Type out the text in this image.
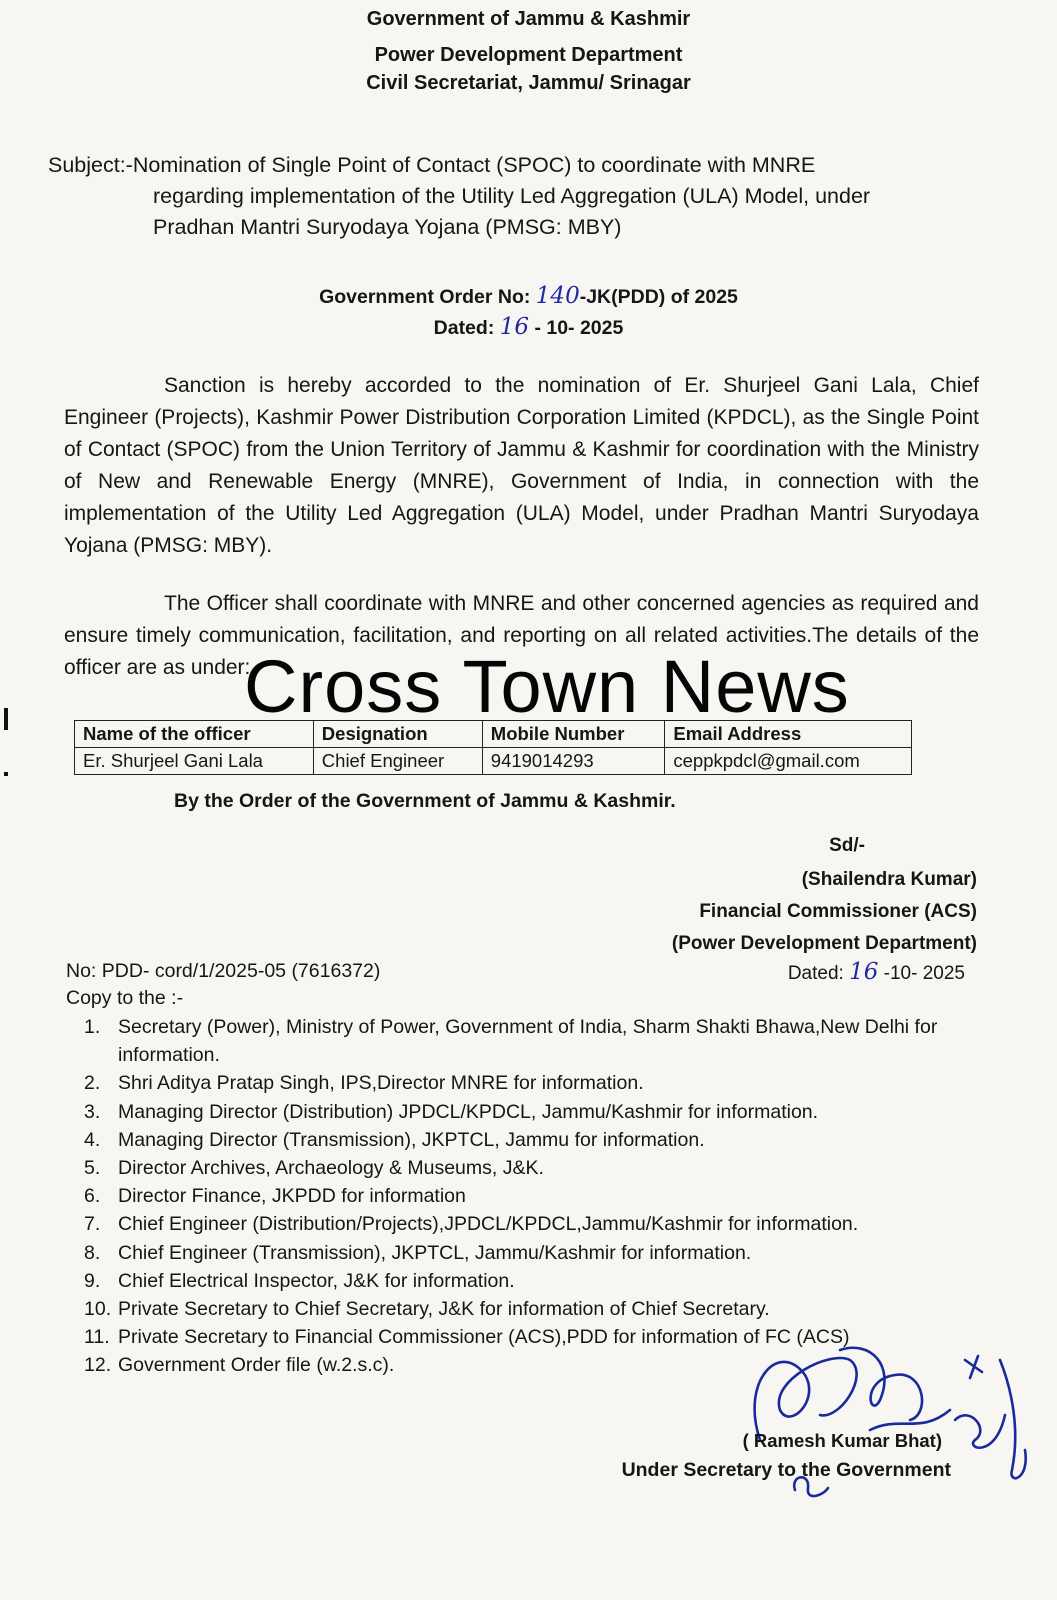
Government of Jammu & Kashmir
Power Development Department
Civil Secretariat, Jammu/ Srinagar
Subject:-Nomination of Single Point of Contact (SPOC) to coordinate with MNRE
regarding implementation of the Utility Led Aggregation (ULA) Model, under
Pradhan Mantri Suryodaya Yojana (PMSG: MBY)
Government Order No: 140-JK(PDD) of 2025
Dated: 16 - 10- 2025
Sanction is hereby accorded to the nomination of Er. Shurjeel Gani Lala, Chief Engineer (Projects), Kashmir Power Distribution Corporation Limited (KPDCL), as the Single Point of Contact (SPOC) from the Union Territory of Jammu & Kashmir for coordination with the Ministry of New and Renewable Energy (MNRE), Government of India, in connection with the implementation of the Utility Led Aggregation (ULA) Model, under Pradhan Mantri Suryodaya Yojana (PMSG: MBY).
The Officer shall coordinate with MNRE and other concerned agencies as required and ensure timely communication, facilitation, and reporting on all related activities.The details of the officer are as under:
Name of the officer	Designation	Mobile Number	Email Address
Er. Shurjeel Gani Lala	Chief Engineer	9419014293	ceppkpdcl@gmail.com
Cross Town News
By the Order of the Government of Jammu & Kashmir.
Sd/-
(Shailendra Kumar)
Financial Commissioner (ACS)
(Power Development Department)
Dated: 16 -10- 2025
No: PDD- cord/1/2025-05 (7616372)
Copy to the :-
1. Secretary (Power), Ministry of Power, Government of India, Sharm Shakti Bhawa,New Delhi for information.
2. Shri Aditya Pratap Singh, IPS,Director MNRE for information.
3. Managing Director (Distribution) JPDCL/KPDCL, Jammu/Kashmir for information.
4. Managing Director (Transmission), JKPTCL, Jammu for information.
5. Director Archives, Archaeology & Museums, J&K.
6. Director Finance, JKPDD for information
7. Chief Engineer (Distribution/Projects),JPDCL/KPDCL,Jammu/Kashmir for information.
8. Chief Engineer (Transmission), JKPTCL, Jammu/Kashmir for information.
9. Chief Electrical Inspector, J&K for information.
10. Private Secretary to Chief Secretary, J&K for information of Chief Secretary.
11. Private Secretary to Financial Commissioner (ACS),PDD for information of FC (ACS)
12. Government Order file (w.2.s.c).
( Ramesh Kumar Bhat)
Under Secretary to the Government
